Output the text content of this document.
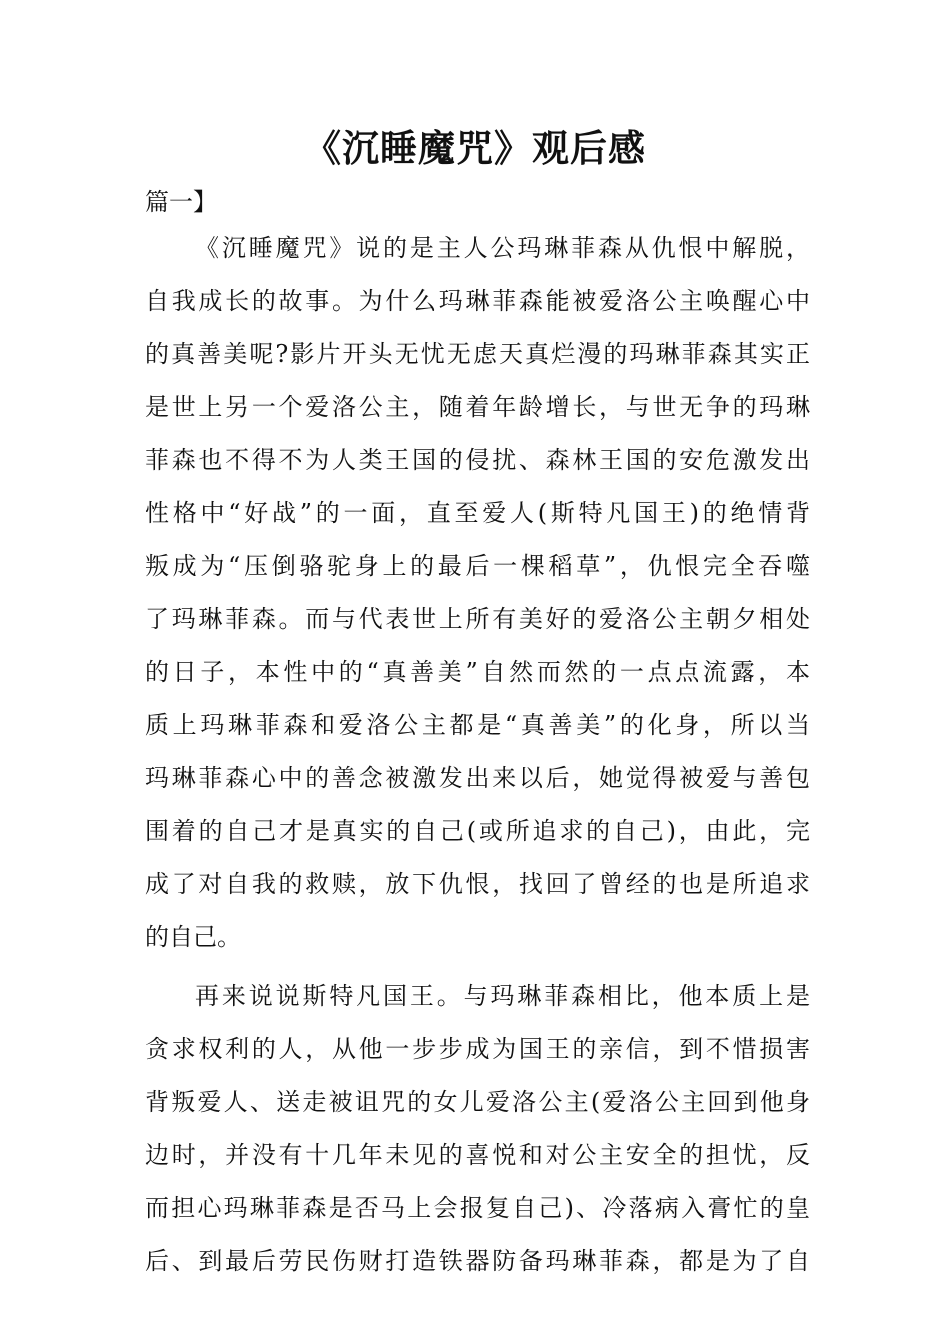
《沉睡魔咒》观后感
篇一】
《沉睡魔咒》说的是主人公玛琳菲森从仇恨中解脱，
自我成长的故事。为什么玛琳菲森能被爱洛公主唤醒心中
的真善美呢?影片开头无忧无虑天真烂漫的玛琳菲森其实正
是世上另一个爱洛公主，随着年龄增长，与世无争的玛琳
菲森也不得不为人类王国的侵扰、森林王国的安危激发出
性格中“好战”的一面，直至爱人(斯特凡国王)的绝情背
叛成为“压倒骆驼身上的最后一棵稻草”，仇恨完全吞噬
了玛琳菲森。而与代表世上所有美好的爱洛公主朝夕相处
的日子，本性中的“真善美”自然而然的一点点流露，本
质上玛琳菲森和爱洛公主都是“真善美”的化身，所以当
玛琳菲森心中的善念被激发出来以后，她觉得被爱与善包
围着的自己才是真实的自己(或所追求的自己)，由此，完
成了对自我的救赎，放下仇恨，找回了曾经的也是所追求
的自己。
再来说说斯特凡国王。与玛琳菲森相比，他本质上是
贪求权利的人，从他一步步成为国王的亲信，到不惜损害
背叛爱人、送走被诅咒的女儿爱洛公主(爱洛公主回到他身
边时，并没有十几年未见的喜悦和对公主安全的担忧，反
而担心玛琳菲森是否马上会报复自己)、冷落病入膏忙的皇
后、到最后劳民伤财打造铁器防备玛琳菲森，都是为了自
